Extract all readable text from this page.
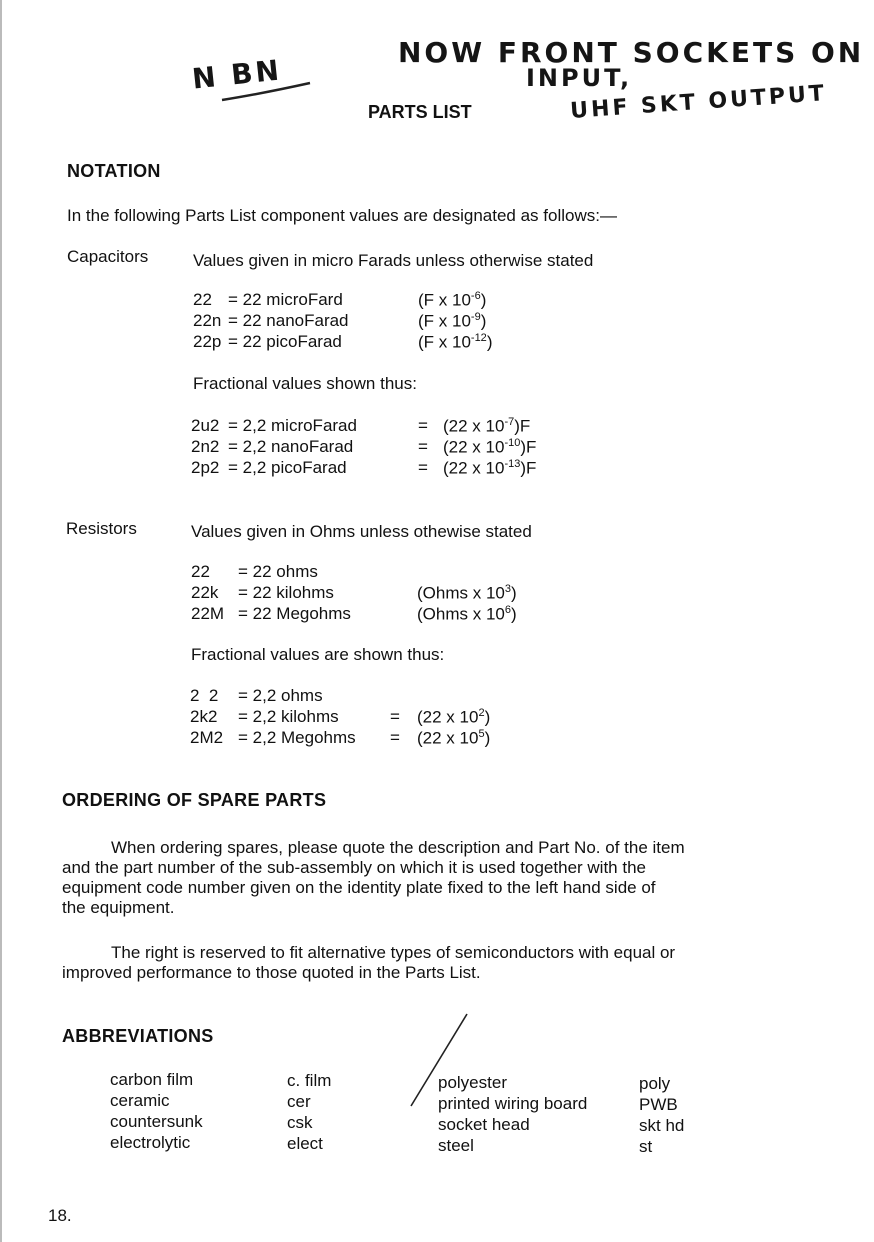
N BN
NOW FRONT SOCKETS ON
INPUT,
UHF SKT OUTPUT
PARTS LIST
NOTATION
In the following Parts List component values are designated as follows:—
Capacitors	Values given in micro Farads unless otherwise stated
22 = 22 microFard	(F x $10^{-6}$)
22n = 22 nanoFarad	(F x $10^{-9}$)
22p = 22 picoFarad	(F x $10^{-12}$)
Fractional values shown thus:
2u2 = 2,2 microFarad	= (22 x $10^{-7})F$
2n2 = 2,2 nanoFarad	= (22 x $10^{-10})F$
2p2 = 2,2 picoFarad	= (22 x $10^{-13})F$
Resistors	Values given in Ohms unless othewise stated
22 = 22 ohms
22k = 22 kilohms	(Ohms x $10^3$)
22M = 22 Megohms	(Ohms x $10^6$)
Fractional values are shown thus:
2  2 = 2,2 ohms
2k2 = 2,2 kilohms	= (22 x $10^2$)
2M2 = 2,2 Megohms = (22 x $10^5$)
ORDERING OF SPARE PARTS
When ordering spares, please quote the description and Part No. of the item
and the part number of the sub-assembly on which it is used together with the
equipment code number given on the identity plate fixed to the left hand side of
the equipment.
The right is reserved to fit alternative types of semiconductors with equal or
improved performance to those quoted in the Parts List.
ABBREVIATIONS
carbon film	c. film
ceramic	cer
countersunk	csk
electrolytic	elect
polyester	poly
printed wiring board	PWB
socket head	skt hd
steel	st
18.
